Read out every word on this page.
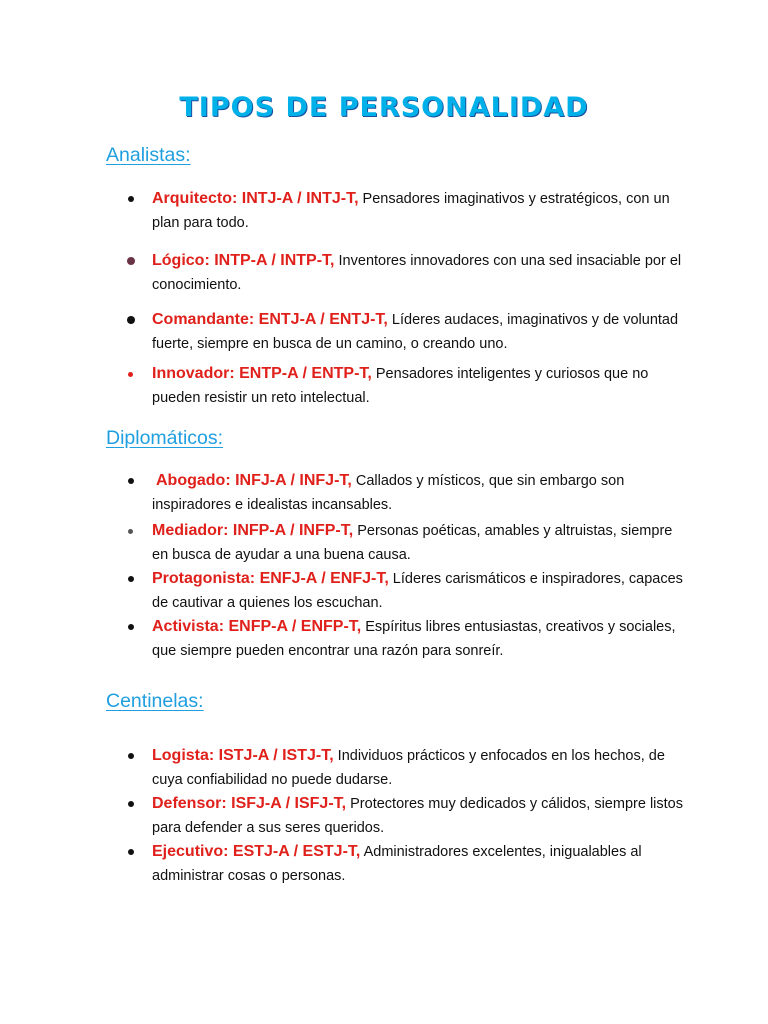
TIPOS DE PERSONALIDAD
Analistas:
Arquitecto: INTJ-A / INTJ-T, Pensadores imaginativos y estratégicos, con un plan para todo.
Lógico: INTP-A / INTP-T, Inventores innovadores con una sed insaciable por el conocimiento.
Comandante: ENTJ-A / ENTJ-T, Líderes audaces, imaginativos y de voluntad fuerte, siempre en busca de un camino, o creando uno.
Innovador: ENTP-A / ENTP-T, Pensadores inteligentes y curiosos que no pueden resistir un reto intelectual.
Diplomáticos:
Abogado: INFJ-A / INFJ-T, Callados y místicos, que sin embargo son inspiradores e idealistas incansables.
Mediador: INFP-A / INFP-T, Personas poéticas, amables y altruistas, siempre en busca de ayudar a una buena causa.
Protagonista: ENFJ-A / ENFJ-T, Líderes carismáticos e inspiradores, capaces de cautivar a quienes los escuchan.
Activista: ENFP-A / ENFP-T, Espíritus libres entusiastas, creativos y sociales, que siempre pueden encontrar una razón para sonreír.
Centinelas:
Logista: ISTJ-A / ISTJ-T, Individuos prácticos y enfocados en los hechos, de cuya confiabilidad no puede dudarse.
Defensor: ISFJ-A / ISFJ-T, Protectores muy dedicados y cálidos, siempre listos para defender a sus seres queridos.
Ejecutivo: ESTJ-A / ESTJ-T, Administradores excelentes, inigualables al administrar cosas o personas.
